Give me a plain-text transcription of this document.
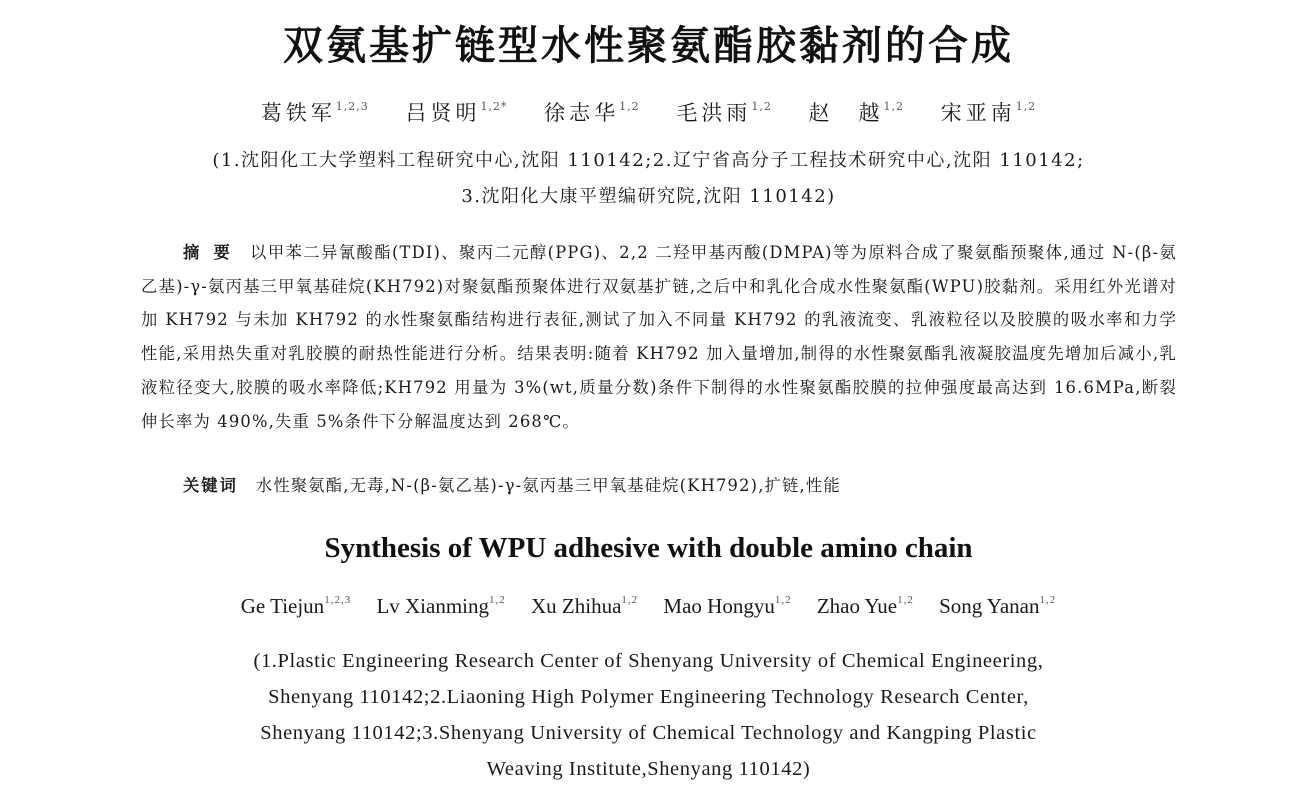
双氨基扩链型水性聚氨酯胶黏剂的合成
葛铁军$^{1,2,3}$ 吕贤明$^{1,2*}$ 徐志华$^{1,2}$ 毛洪雨$^{1,2}$ 赵　越$^{1,2}$ 宋亚南$^{1,2}$
(1.沈阳化工大学塑料工程研究中心,沈阳 110142;2.辽宁省高分子工程技术研究中心,沈阳 110142;
3.沈阳化大康平塑编研究院,沈阳 110142)
摘要 以甲苯二异氰酸酯(TDI)、聚丙二元醇(PPG)、2,2 二羟甲基丙酸(DMPA)等为原料合成了聚氨酯预聚体,通过 N-(β-氨乙基)-γ-氨丙基三甲氧基硅烷(KH792)对聚氨酯预聚体进行双氨基扩链,之后中和乳化合成水性聚氨酯(WPU)胶黏剂。采用红外光谱对加 KH792 与未加 KH792 的水性聚氨酯结构进行表征,测试了加入不同量 KH792 的乳液流变、乳液粒径以及胶膜的吸水率和力学性能,采用热失重对乳胶膜的耐热性能进行分析。结果表明:随着 KH792 加入量增加,制得的水性聚氨酯乳液凝胶温度先增加后减小,乳液粒径变大,胶膜的吸水率降低;KH792 用量为 3%(wt,质量分数)条件下制得的水性聚氨酯胶膜的拉伸强度最高达到 16.6MPa,断裂伸长率为 490%,失重 5%条件下分解温度达到 268℃。
关键词 水性聚氨酯,无毒,N-(β-氨乙基)-γ-氨丙基三甲氧基硅烷(KH792),扩链,性能
Synthesis of WPU adhesive with double amino chain
Ge Tiejun$^{1,2,3}$ Lv Xianming$^{1,2}$ Xu Zhihua$^{1,2}$ Mao Hongyu$^{1,2}$ Zhao Yue$^{1,2}$ Song Yanan$^{1,2}$
(1.Plastic Engineering Research Center of Shenyang University of Chemical Engineering,
Shenyang 110142;2.Liaoning High Polymer Engineering Technology Research Center,
Shenyang 110142;3.Shenyang University of Chemical Technology and Kangping Plastic
Weaving Institute,Shenyang 110142)
